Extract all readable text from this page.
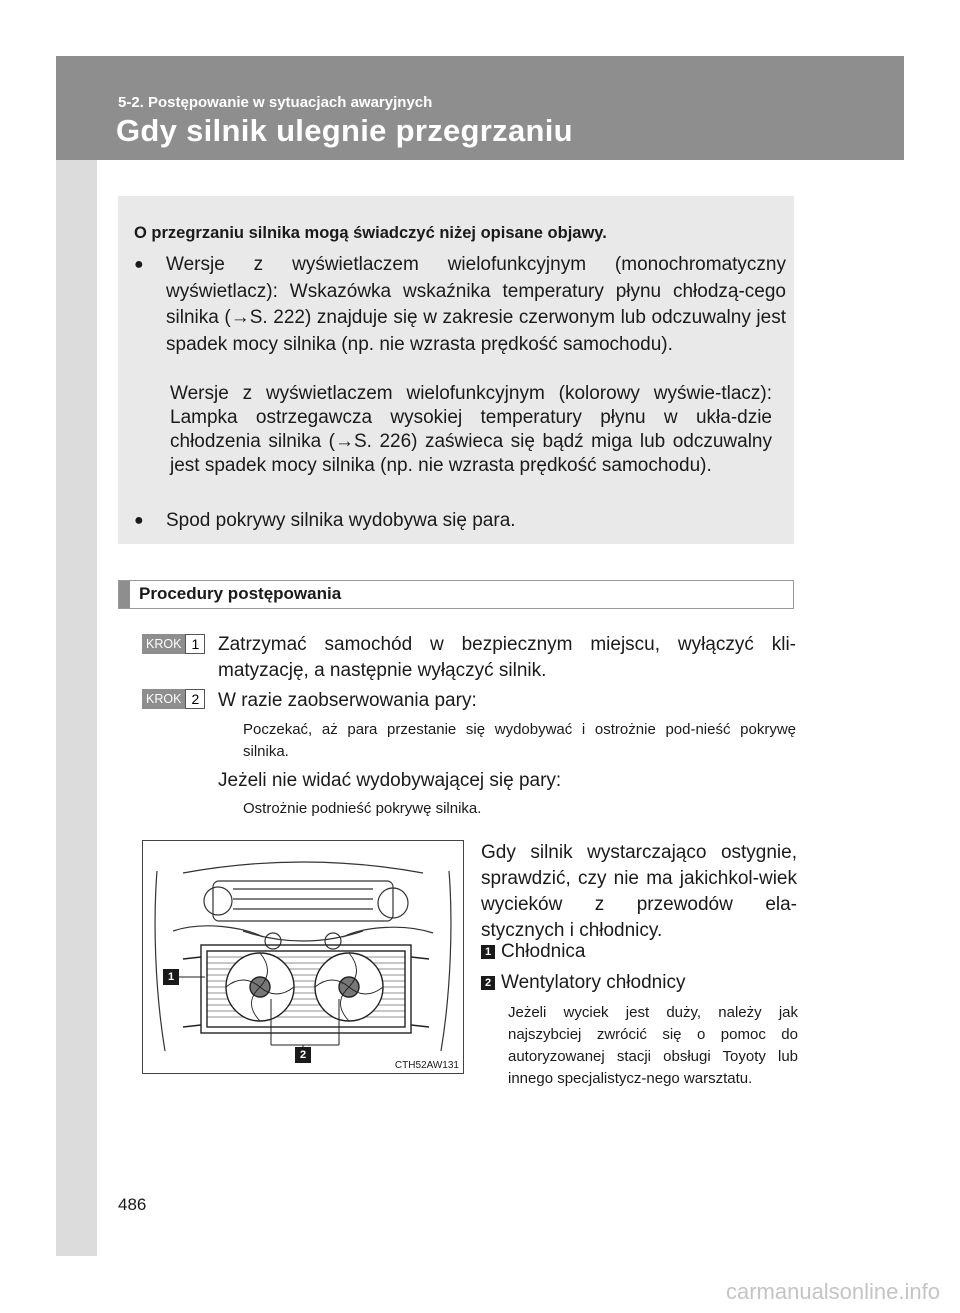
5-2. Postępowanie w sytuacjach awaryjnych
Gdy silnik ulegnie przegrzaniu
O przegrzaniu silnika mogą świadczyć niżej opisane objawy.
● Wersje z wyświetlaczem wielofunkcyjnym (monochromatyczny wyświetlacz): Wskazówka wskaźnika temperatury płynu chłodzą-cego silnika (→S. 222) znajduje się w zakresie czerwonym lub odczuwalny jest spadek mocy silnika (np. nie wzrasta prędkość samochodu).
Wersje z wyświetlaczem wielofunkcyjnym (kolorowy wyświe-tlacz): Lampka ostrzegawcza wysokiej temperatury płynu w ukła-dzie chłodzenia silnika (→S. 226) zaświeca się bądź miga lub odczuwalny jest spadek mocy silnika (np. nie wzrasta prędkość samochodu).
● Spod pokrywy silnika wydobywa się para.
Procedury postępowania
KROK 1 Zatrzymać samochód w bezpiecznym miejscu, wyłączyć kli-matyzację, a następnie wyłączyć silnik.
KROK 2 W razie zaobserwowania pary:
Poczekać, aż para przestanie się wydobywać i ostrożnie pod-nieść pokrywę silnika.
Jeżeli nie widać wydobywającej się pary:
Ostrożnie podnieść pokrywę silnika.
1
2
CTH52AW131
Gdy silnik wystarczająco ostygnie, sprawdzić, czy nie ma jakichkol-wiek wycieków z przewodów ela-stycznych i chłodnicy.
1 Chłodnica
2 Wentylatory chłodnicy
Jeżeli wyciek jest duży, należy jak najszybciej zwrócić się o pomoc do autoryzowanej stacji obsługi Toyoty lub innego specjalistycz-nego warsztatu.
486
carmanualsonline.info
